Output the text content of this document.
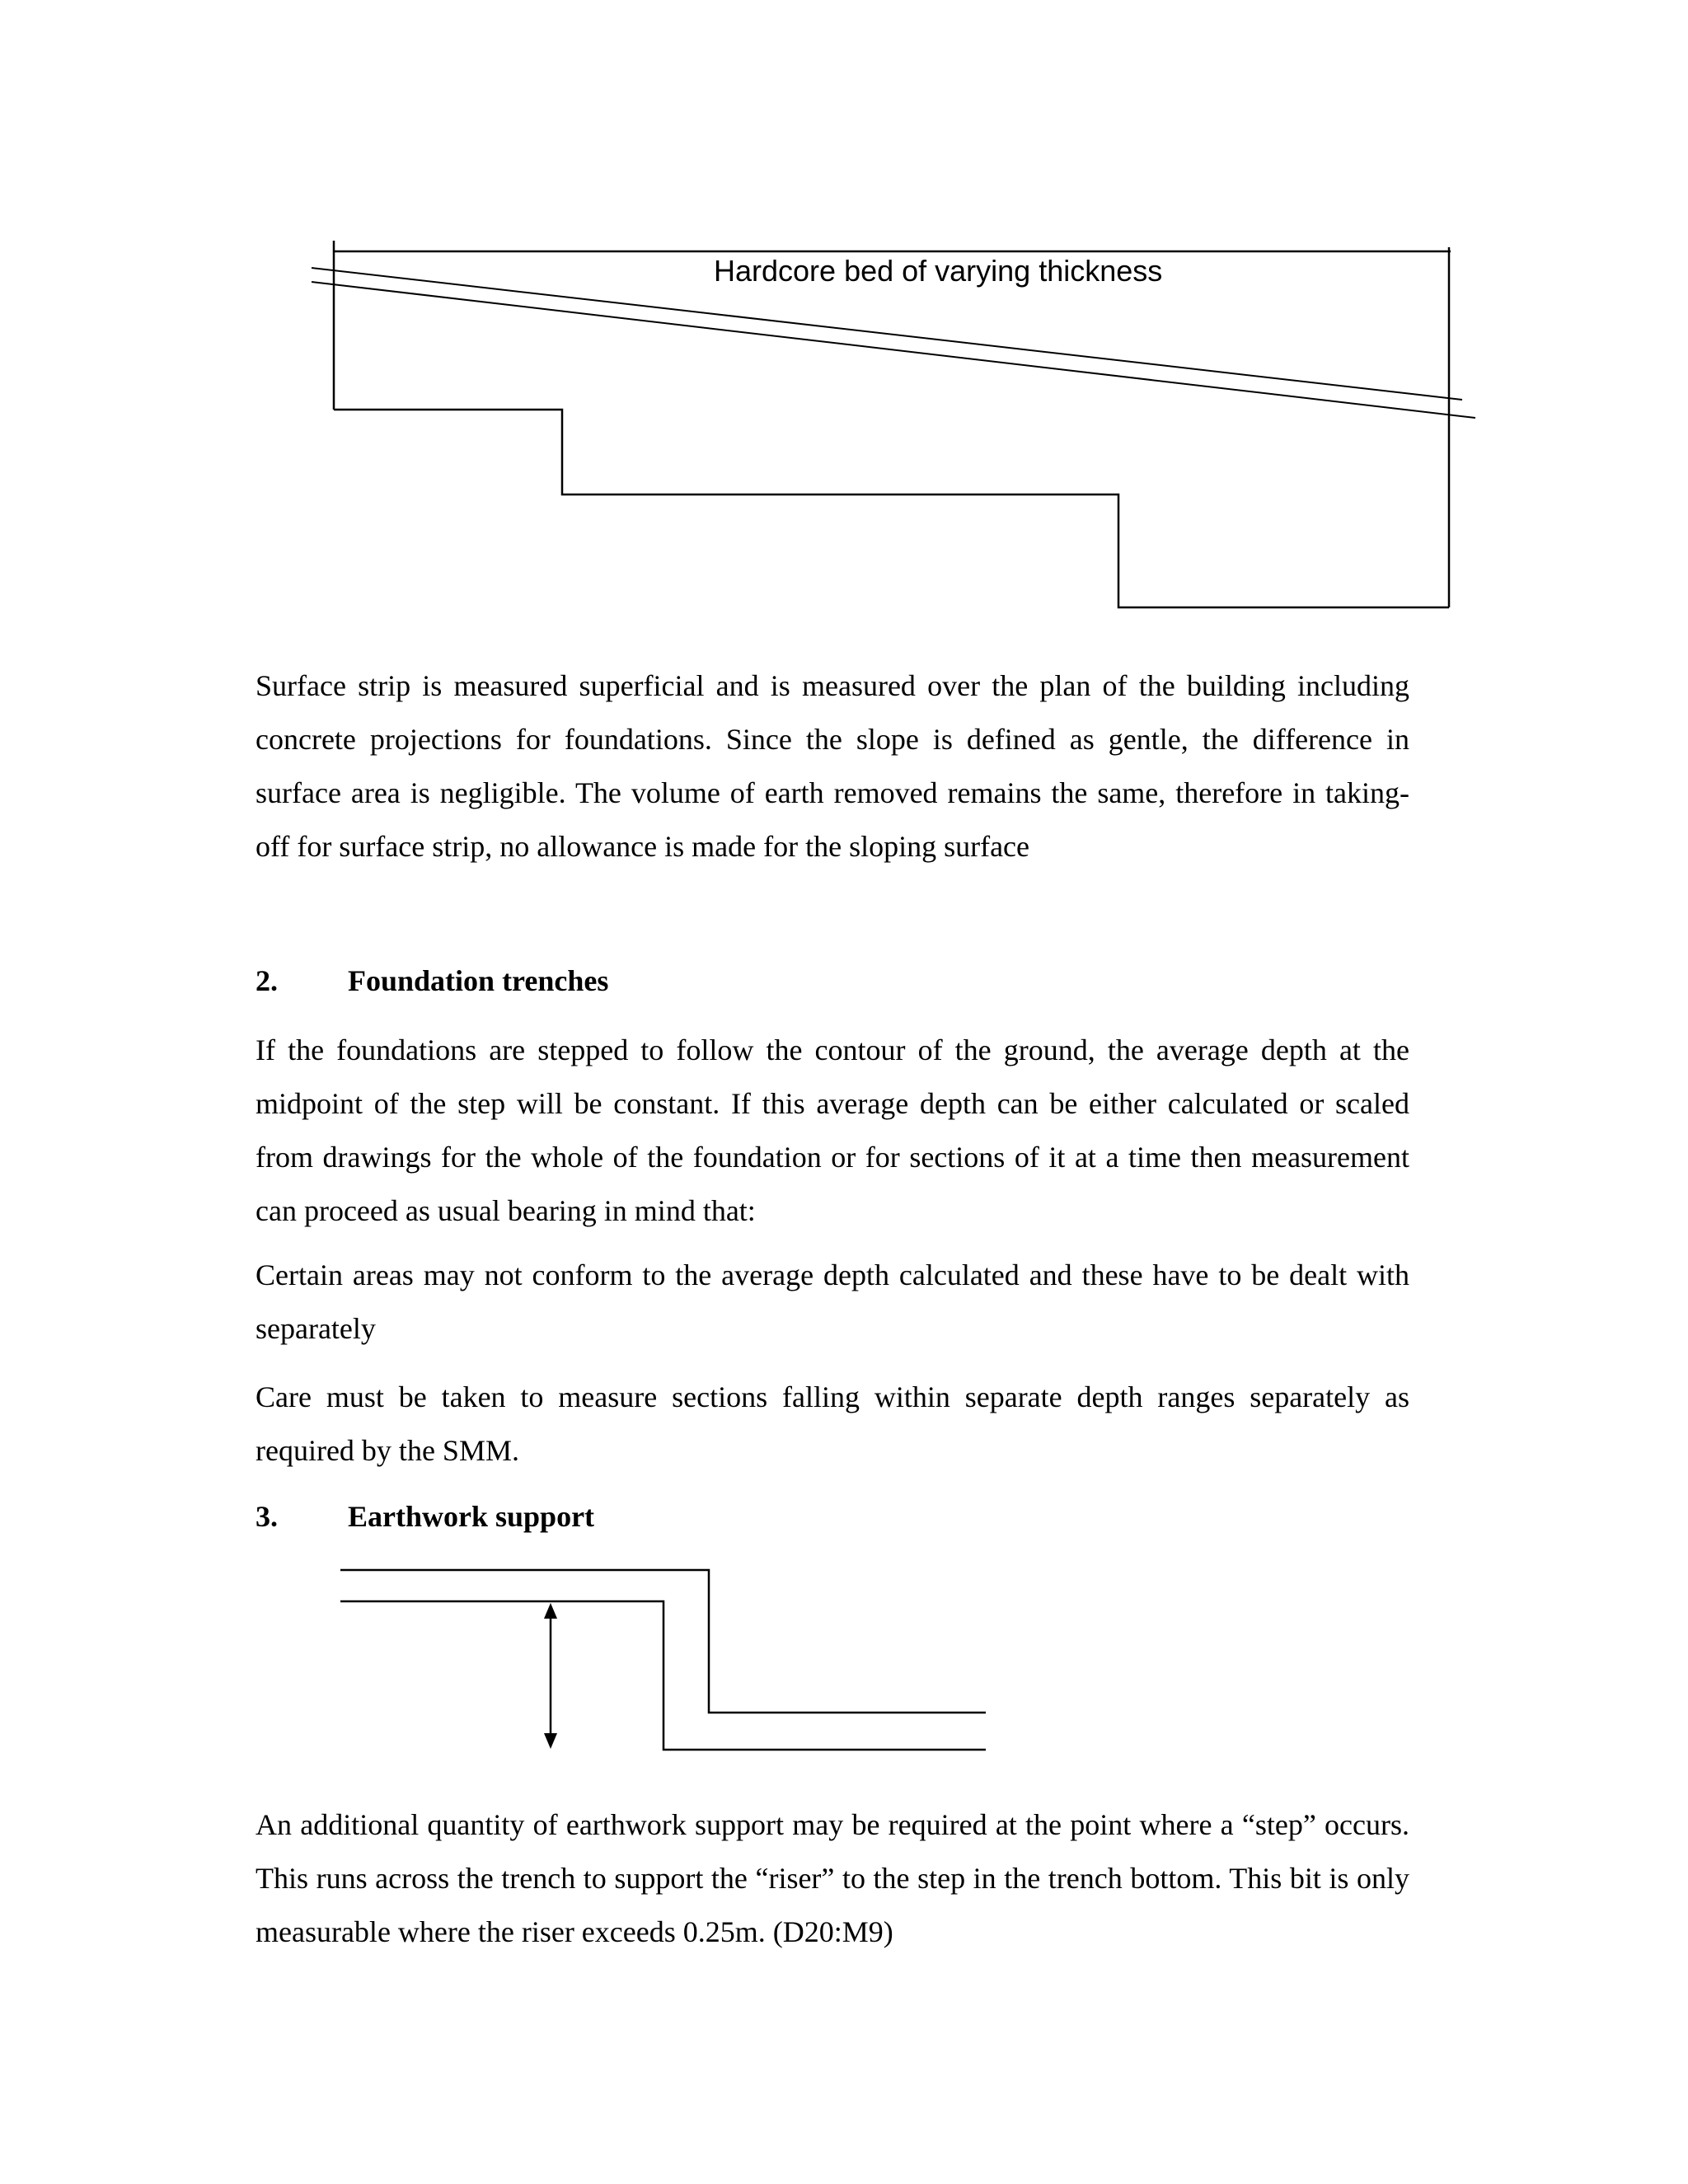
Hardcore bed of varying thickness

Surface strip is measured superficial and is measured over the plan of the building including concrete projections for foundations. Since the slope is defined as gentle, the difference in surface area is negligible. The volume of earth removed remains the same, therefore in taking-off for surface strip, no allowance is made for the sloping surface

2.	Foundation trenches

If the foundations are stepped to follow the contour of the ground, the average depth at the midpoint of the step will be constant. If this average depth can be either calculated or scaled from drawings for the whole of the foundation or for sections of it at a time then measurement can proceed as usual bearing in mind that:

Certain areas may not conform to the average depth calculated and these have to be dealt with separately

Care must be taken to measure sections falling within separate depth ranges separately as required by the SMM.

3.	Earthwork support

An additional quantity of earthwork support may be required at the point where a “step” occurs. This runs across the trench to support the “riser” to the step in the trench bottom. This bit is only measurable where the riser exceeds 0.25m. (D20:M9)
